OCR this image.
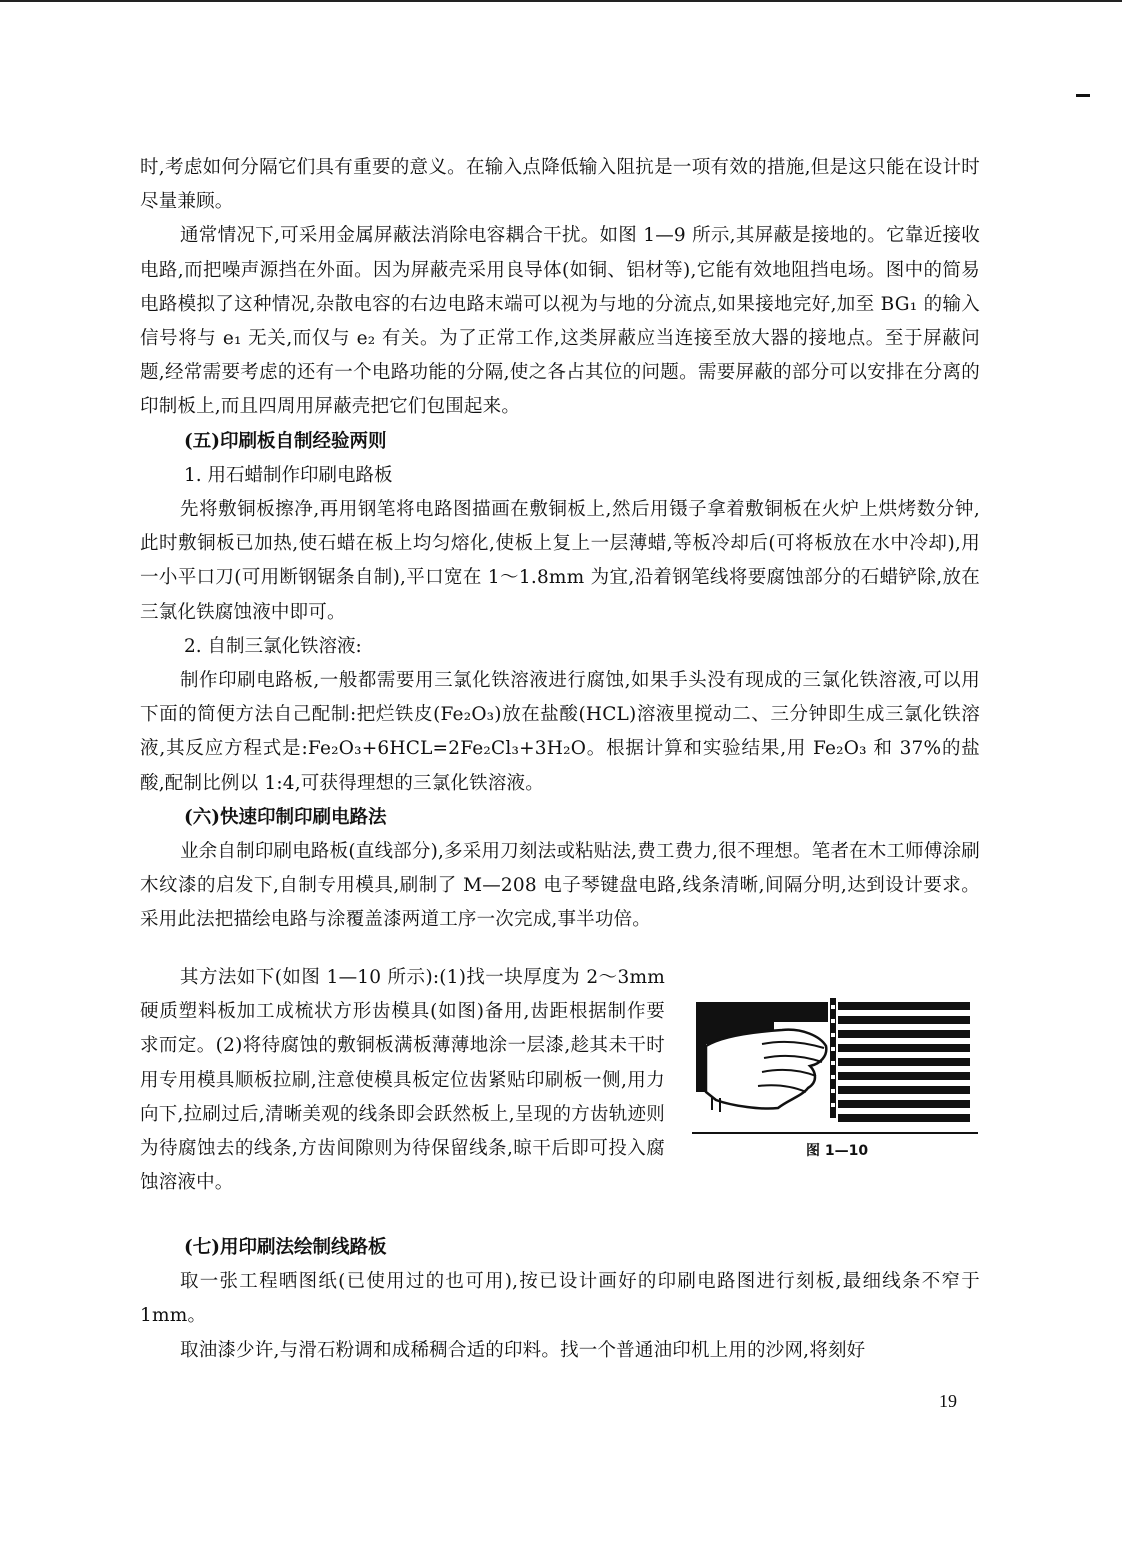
时,考虑如何分隔它们具有重要的意义。在输入点降低输入阻抗是一项有效的措施,但是这只能在设计时尽量兼顾。

通常情况下,可采用金属屏蔽法消除电容耦合干扰。如图 1—9 所示,其屏蔽是接地的。它靠近接收电路,而把噪声源挡在外面。因为屏蔽壳采用良导体(如铜、铝材等),它能有效地阻挡电场。图中的简易电路模拟了这种情况,杂散电容的右边电路末端可以视为与地的分流点,如果接地完好,加至 BG₁ 的输入信号将与 e₁ 无关,而仅与 e₂ 有关。为了正常工作,这类屏蔽应当连接至放大器的接地点。至于屏蔽问题,经常需要考虑的还有一个电路功能的分隔,使之各占其位的问题。需要屏蔽的部分可以安排在分离的印制板上,而且四周用屏蔽壳把它们包围起来。

(五)印刷板自制经验两则

1. 用石蜡制作印刷电路板

先将敷铜板擦净,再用钢笔将电路图描画在敷铜板上,然后用镊子拿着敷铜板在火炉上烘烤数分钟,此时敷铜板已加热,使石蜡在板上均匀熔化,使板上复上一层薄蜡,等板冷却后(可将板放在水中冷却),用一小平口刀(可用断钢锯条自制),平口宽在 1～1.8mm 为宜,沿着钢笔线将要腐蚀部分的石蜡铲除,放在三氯化铁腐蚀液中即可。

2. 自制三氯化铁溶液:

制作印刷电路板,一般都需要用三氯化铁溶液进行腐蚀,如果手头没有现成的三氯化铁溶液,可以用下面的简便方法自己配制:把烂铁皮(Fe₂O₃)放在盐酸(HCL)溶液里搅动二、三分钟即生成三氯化铁溶液,其反应方程式是:Fe₂O₃+6HCL=2Fe₂Cl₃+3H₂O。根据计算和实验结果,用 Fe₂O₃ 和 37%的盐酸,配制比例以 1:4,可获得理想的三氯化铁溶液。

(六)快速印制印刷电路法

业余自制印刷电路板(直线部分),多采用刀刻法或粘贴法,费工费力,很不理想。笔者在木工师傅涂刷木纹漆的启发下,自制专用模具,刷制了 M—208 电子琴键盘电路,线条清晰,间隔分明,达到设计要求。采用此法把描绘电路与涂覆盖漆两道工序一次完成,事半功倍。

其方法如下(如图 1—10 所示):(1)找一块厚度为 2～3mm 硬质塑料板加工成梳状方形齿模具(如图)备用,齿距根据制作要求而定。(2)将待腐蚀的敷铜板满板薄薄地涂一层漆,趁其未干时用专用模具顺板拉刷,注意使模具板定位齿紧贴印刷板一侧,用力向下,拉刷过后,清晰美观的线条即会跃然板上,呈现的方齿轨迹则为待腐蚀去的线条,方齿间隙则为待保留线条,晾干后即可投入腐蚀溶液中。

图 1—10

(七)用印刷法绘制线路板

取一张工程晒图纸(已使用过的也可用),按已设计画好的印刷电路图进行刻板,最细线条不窄于 1mm。

取油漆少许,与滑石粉调和成稀稠合适的印料。找一个普通油印机上用的沙网,将刻好

19
